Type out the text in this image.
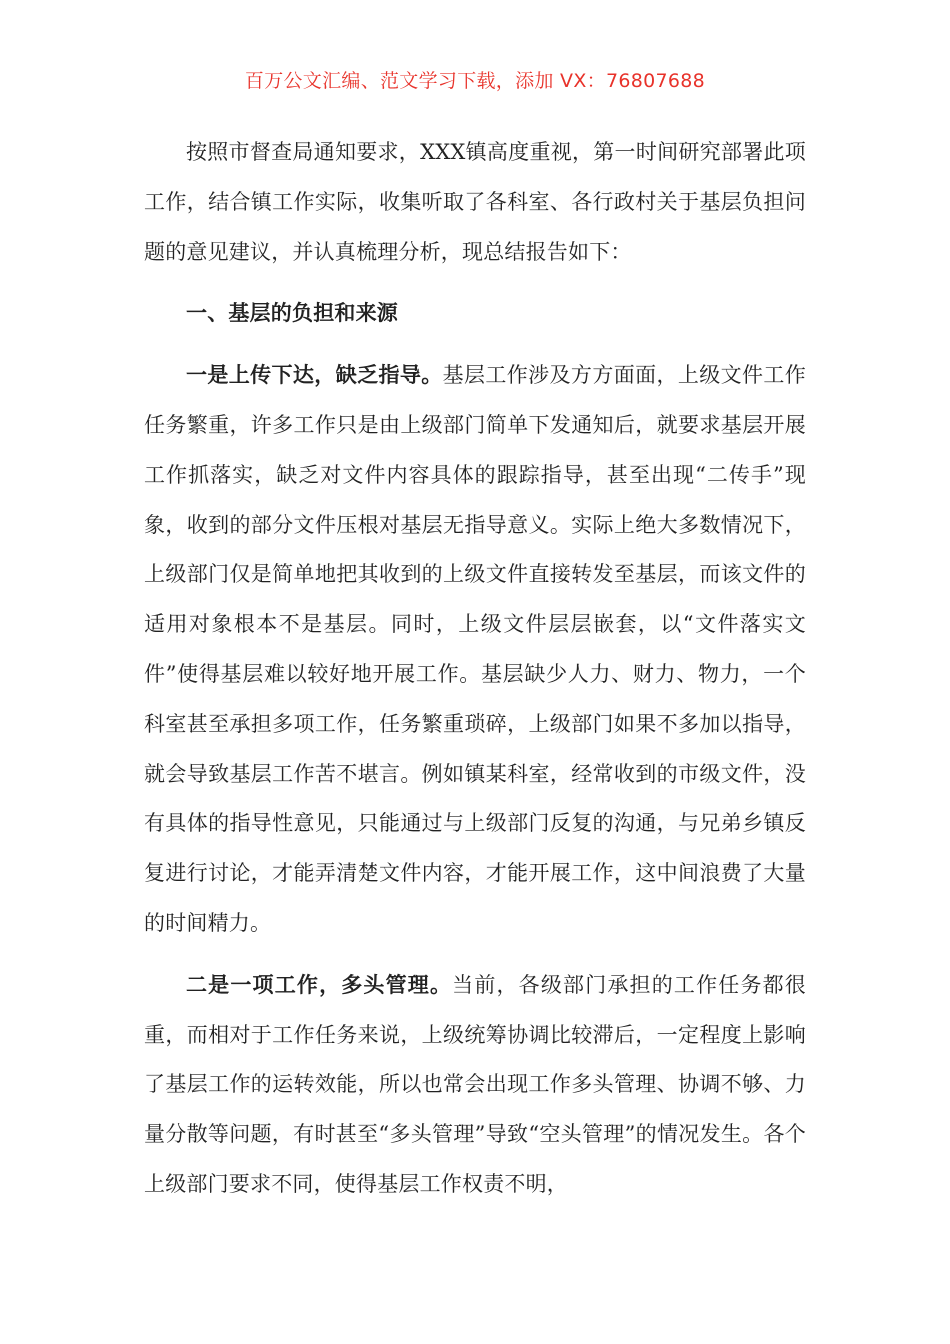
百万公文汇编、范文学习下载，添加 VX：76807688

按照市督查局通知要求，XXX镇高度重视，第一时间研究部署此项工作，结合镇工作实际，收集听取了各科室、各行政村关于基层负担问题的意见建议，并认真梳理分析，现总结报告如下：

一、基层的负担和来源

一是上传下达，缺乏指导。基层工作涉及方方面面，上级文件工作任务繁重，许多工作只是由上级部门简单下发通知后，就要求基层开展工作抓落实，缺乏对文件内容具体的跟踪指导，甚至出现“二传手”现象，收到的部分文件压根对基层无指导意义。实际上绝大多数情况下，上级部门仅是简单地把其收到的上级文件直接转发至基层，而该文件的适用对象根本不是基层。同时，上级文件层层嵌套，以“文件落实文件”使得基层难以较好地开展工作。基层缺少人力、财力、物力，一个科室甚至承担多项工作，任务繁重琐碎，上级部门如果不多加以指导，就会导致基层工作苦不堪言。例如镇某科室，经常收到的市级文件，没有具体的指导性意见，只能通过与上级部门反复的沟通，与兄弟乡镇反复进行讨论，才能弄清楚文件内容，才能开展工作，这中间浪费了大量的时间精力。

二是一项工作，多头管理。当前，各级部门承担的工作任务都很重，而相对于工作任务来说，上级统筹协调比较滞后，一定程度上影响了基层工作的运转效能，所以也常会出现工作多头管理、协调不够、力量分散等问题，有时甚至“多头管理”导致“空头管理”的情况发生。各个上级部门要求不同，使得基层工作权责不明，
